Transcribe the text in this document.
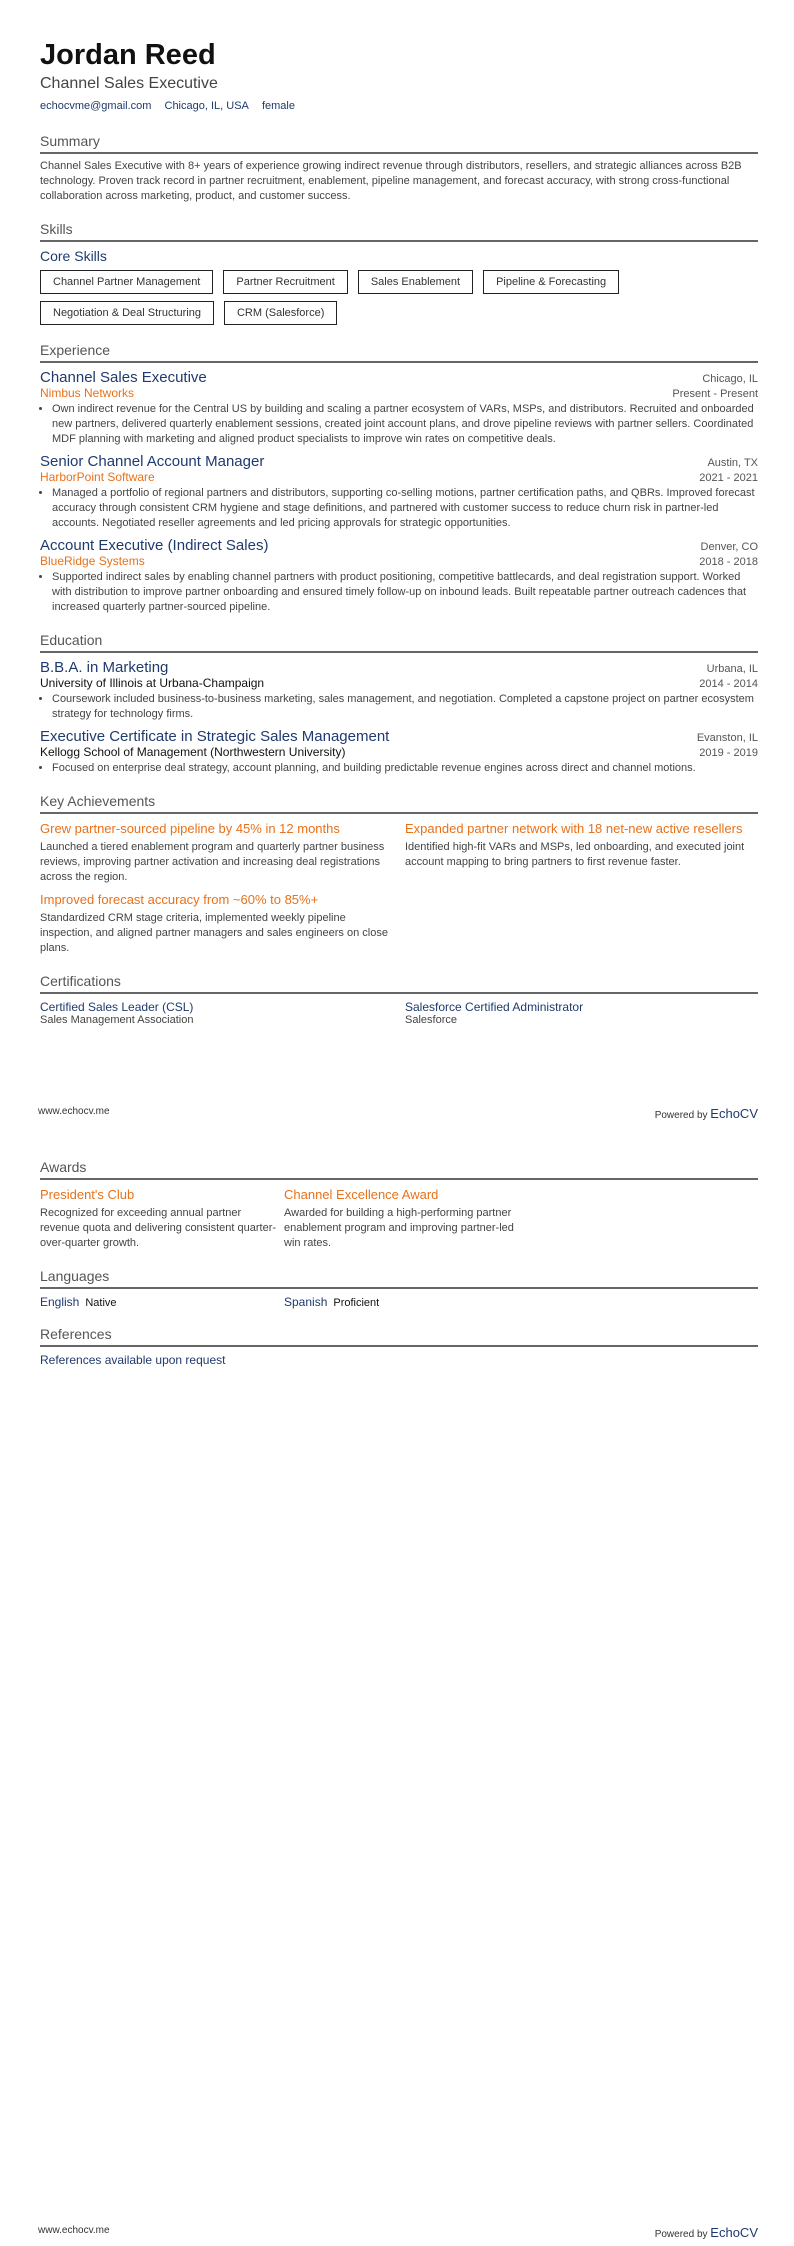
Jordan Reed
Channel Sales Executive
echocvme@gmail.com Chicago, IL, USA female
Summary
Channel Sales Executive with 8+ years of experience growing indirect revenue through distributors, resellers, and strategic alliances across B2B technology. Proven track record in partner recruitment, enablement, pipeline management, and forecast accuracy, with strong cross-functional collaboration across marketing, product, and customer success.
Skills
Core Skills
Channel Partner Management	Partner Recruitment	Sales Enablement	Pipeline & Forecasting
Negotiation & Deal Structuring	CRM (Salesforce)
Experience
Channel Sales Executive	Chicago, IL
Nimbus Networks	Present - Present
• Own indirect revenue for the Central US by building and scaling a partner ecosystem of VARs, MSPs, and distributors. Recruited and onboarded new partners, delivered quarterly enablement sessions, created joint account plans, and drove pipeline reviews with partner sellers. Coordinated MDF planning with marketing and aligned product specialists to improve win rates on competitive deals.
Senior Channel Account Manager	Austin, TX
HarborPoint Software	2021 - 2021
• Managed a portfolio of regional partners and distributors, supporting co-selling motions, partner certification paths, and QBRs. Improved forecast accuracy through consistent CRM hygiene and stage definitions, and partnered with customer success to reduce churn risk in partner-led accounts. Negotiated reseller agreements and led pricing approvals for strategic opportunities.
Account Executive (Indirect Sales)	Denver, CO
BlueRidge Systems	2018 - 2018
• Supported indirect sales by enabling channel partners with product positioning, competitive battlecards, and deal registration support. Worked with distribution to improve partner onboarding and ensured timely follow-up on inbound leads. Built repeatable partner outreach cadences that increased quarterly partner-sourced pipeline.
Education
B.B.A. in Marketing	Urbana, IL
University of Illinois at Urbana-Champaign	2014 - 2014
• Coursework included business-to-business marketing, sales management, and negotiation. Completed a capstone project on partner ecosystem strategy for technology firms.
Executive Certificate in Strategic Sales Management	Evanston, IL
Kellogg School of Management (Northwestern University)	2019 - 2019
• Focused on enterprise deal strategy, account planning, and building predictable revenue engines across direct and channel motions.
Key Achievements
Grew partner-sourced pipeline by 45% in 12 months
Launched a tiered enablement program and quarterly partner business reviews, improving partner activation and increasing deal registrations across the region.
Expanded partner network with 18 net-new active resellers
Identified high-fit VARs and MSPs, led onboarding, and executed joint account mapping to bring partners to first revenue faster.
Improved forecast accuracy from ~60% to 85%+
Standardized CRM stage criteria, implemented weekly pipeline inspection, and aligned partner managers and sales engineers on close plans.
Certifications
Certified Sales Leader (CSL)
Sales Management Association
Salesforce Certified Administrator
Salesforce
www.echocv.me	Powered by EchoCV
Awards
President's Club
Recognized for exceeding annual partner revenue quota and delivering consistent quarter-over-quarter growth.
Channel Excellence Award
Awarded for building a high-performing partner enablement program and improving partner-led win rates.
Languages
English Native	Spanish Proficient
References
References available upon request
www.echocv.me	Powered by EchoCV
